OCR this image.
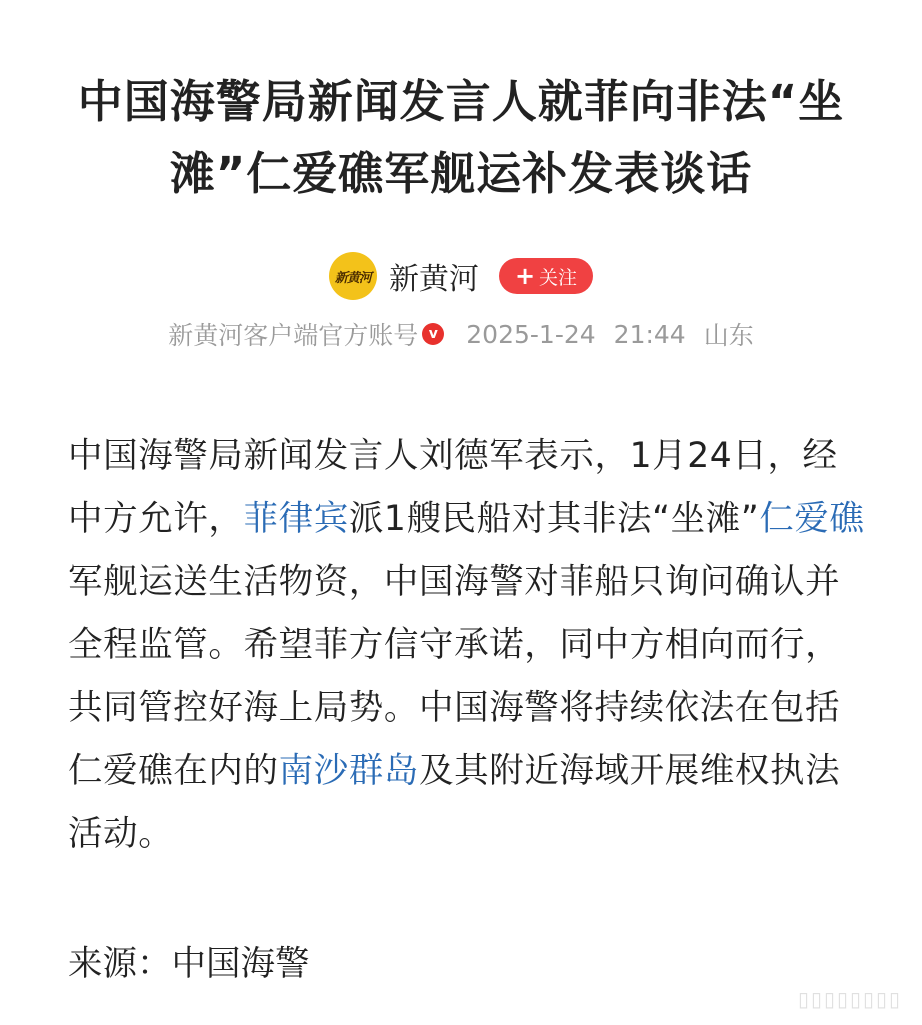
中国海警局新闻发言人就菲向非法“坐滩”仁爱礁军舰运补发表谈话
新黄河 新黄河 + 关注
新黄河客户端官方账号 v 2025-1-24 21:44 山东

中国海警局新闻发言人刘德军表示，1月24日，经中方允许，菲律宾派1艘民船对其非法“坐滩”仁爱礁军舰运送生活物资，中国海警对菲船只询问确认并全程监管。希望菲方信守承诺，同中方相向而行，共同管控好海上局势。中国海警将持续依法在包括仁爱礁在内的南沙群岛及其附近海域开展维权执法活动。

来源：中国海警

▯▯▯▯▯▯▯▯
